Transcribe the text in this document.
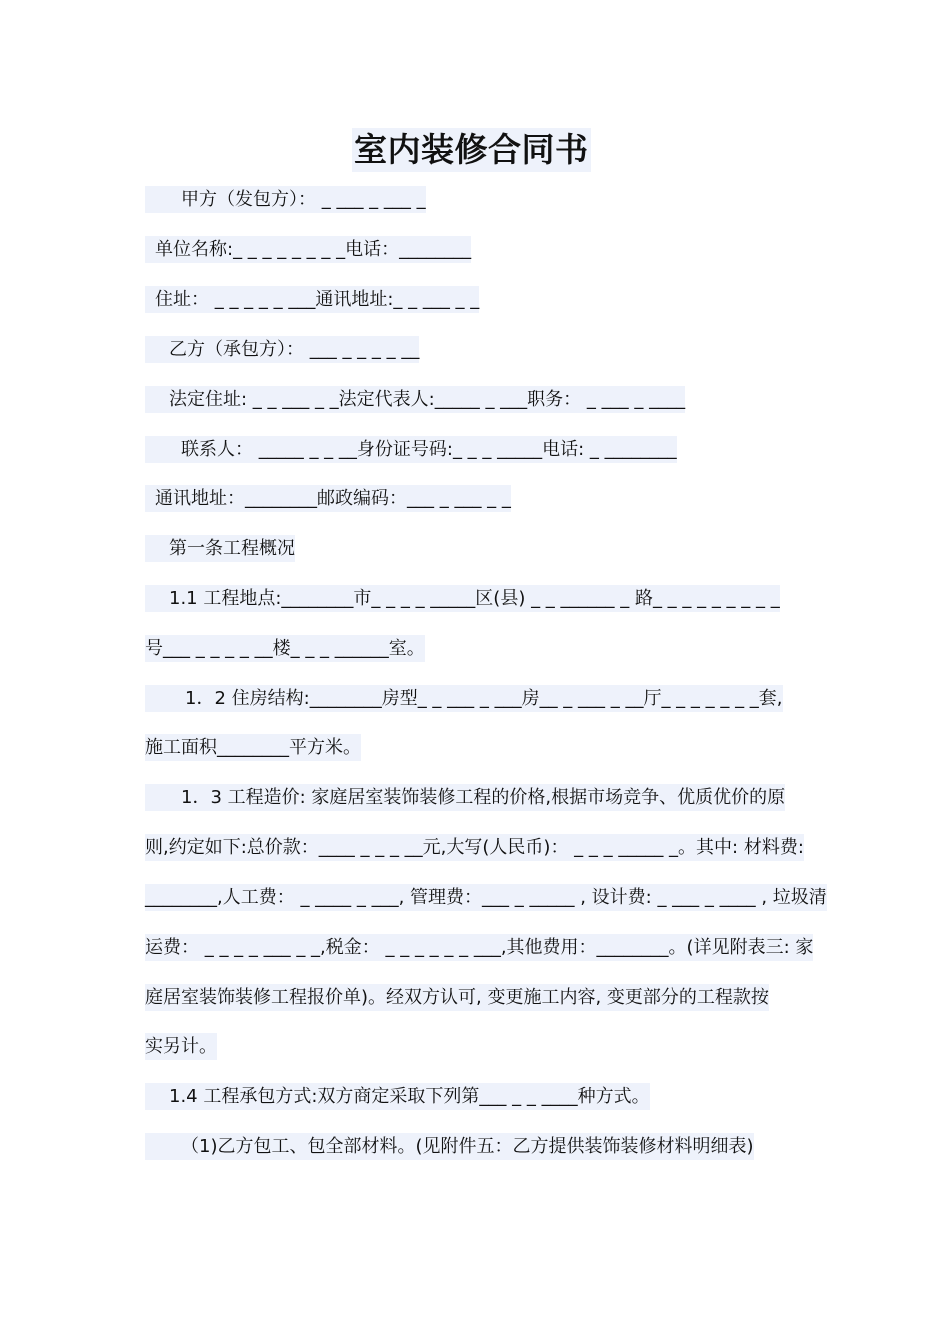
室内装修合同书
甲方（发包方）： _ ___ _ ___ _
单位名称:_ _ _ _ _ _ _ _电话：________
住址： _ _ _ _ _ ___通讯地址:_ _ ___ _ _
乙方（承包方）： ___ _ _ _ _ __
法定住址: _ _ ___ _ _法定代表人:_____ _ ___职务： _ ___ _ ____
联系人： _____ _ _ __身份证号码:_ _ _ _____电话: _ ________
通讯地址：________邮政编码：___ _ ___ _ _
第一条工程概况
1.1 工程地点:________市_ _ _ _ _____区(县) _ _ ______ _ 路_ _ _ _ _ _ _ _ _
号___ _ _ _ _ __楼_ _ _ ______室。
1．2 住房结构:________房型_ _ ___ _ ___房__ _ ___ _ __厅_ _ _ _ _ _ _套,
施工面积________平方米。
1．3 工程造价: 家庭居室装饰装修工程的价格,根据市场竞争、优质优价的原
则,约定如下:总价款：____ _ _ _ __元,大写(人民币)： _ _ _ _____ _。其中: 材料费:
________,人工费： _ ____ _ ___, 管理费：___ _ _____ , 设计费: _ ___ _ ____ , 垃圾清
运费： _ _ _ _ ___ _ _,税金： _ _ _ _ _ _ ___,其他费用：________。(详见附表三: 家
庭居室装饰装修工程报价单)。经双方认可, 变更施工内容, 变更部分的工程款按
实另计。
1.4 工程承包方式:双方商定采取下列第___ _ _ ____种方式。
（1)乙方包工、包全部材料。(见附件五：乙方提供装饰装修材料明细表)
